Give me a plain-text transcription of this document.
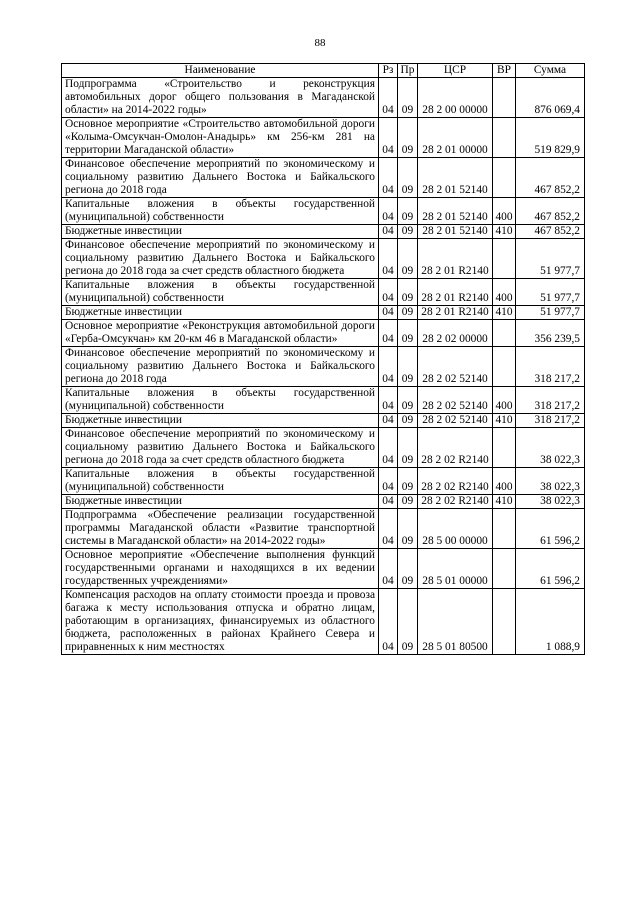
88
Наименование	Рз	Пр	ЦСР	ВР	Сумма
Подпрограмма «Строительство и реконструкция автомобильных дорог общего пользования в Магаданской области» на 2014-2022 годы»	04	09	28 2 00 00000		876 069,4
Основное мероприятие «Строительство автомобильной дороги «Колыма-Омсукчан-Омолон-Анадырь» км 256-км 281 на территории Магаданской области»	04	09	28 2 01 00000		519 829,9
Финансовое обеспечение мероприятий по экономическому и социальному развитию Дальнего Востока и Байкальского региона до 2018 года	04	09	28 2 01 52140		467 852,2
Капитальные вложения в объекты государственной (муниципальной) собственности	04	09	28 2 01 52140	400	467 852,2
Бюджетные инвестиции	04	09	28 2 01 52140	410	467 852,2
Финансовое обеспечение мероприятий по экономическому и социальному развитию Дальнего Востока и Байкальского региона до 2018 года за счет средств областного бюджета	04	09	28 2 01 R2140		51 977,7
Капитальные вложения в объекты государственной (муниципальной) собственности	04	09	28 2 01 R2140	400	51 977,7
Бюджетные инвестиции	04	09	28 2 01 R2140	410	51 977,7
Основное мероприятие «Реконструкция автомобильной дороги «Герба-Омсукчан» км 20-км 46 в Магаданской области»	04	09	28 2 02 00000		356 239,5
Финансовое обеспечение мероприятий по экономическому и социальному развитию Дальнего Востока и Байкальского региона до 2018 года	04	09	28 2 02 52140		318 217,2
Капитальные вложения в объекты государственной (муниципальной) собственности	04	09	28 2 02 52140	400	318 217,2
Бюджетные инвестиции	04	09	28 2 02 52140	410	318 217,2
Финансовое обеспечение мероприятий по экономическому и социальному развитию Дальнего Востока и Байкальского региона до 2018 года за счет средств областного бюджета	04	09	28 2 02 R2140		38 022,3
Капитальные вложения в объекты государственной (муниципальной) собственности	04	09	28 2 02 R2140	400	38 022,3
Бюджетные инвестиции	04	09	28 2 02 R2140	410	38 022,3
Подпрограмма «Обеспечение реализации государственной программы Магаданской области «Развитие транспортной системы в Магаданской области» на 2014-2022 годы»	04	09	28 5 00 00000		61 596,2
Основное мероприятие «Обеспечение выполнения функций государственными органами и находящихся в их ведении государственных учреждениями»	04	09	28 5 01 00000		61 596,2
Компенсация расходов на оплату стоимости проезда и провоза багажа к месту использования отпуска и обратно лицам, работающим в организациях, финансируемых из областного бюджета, расположенных в районах Крайнего Севера и приравненных к ним местностях	04	09	28 5 01 80500		1 088,9
